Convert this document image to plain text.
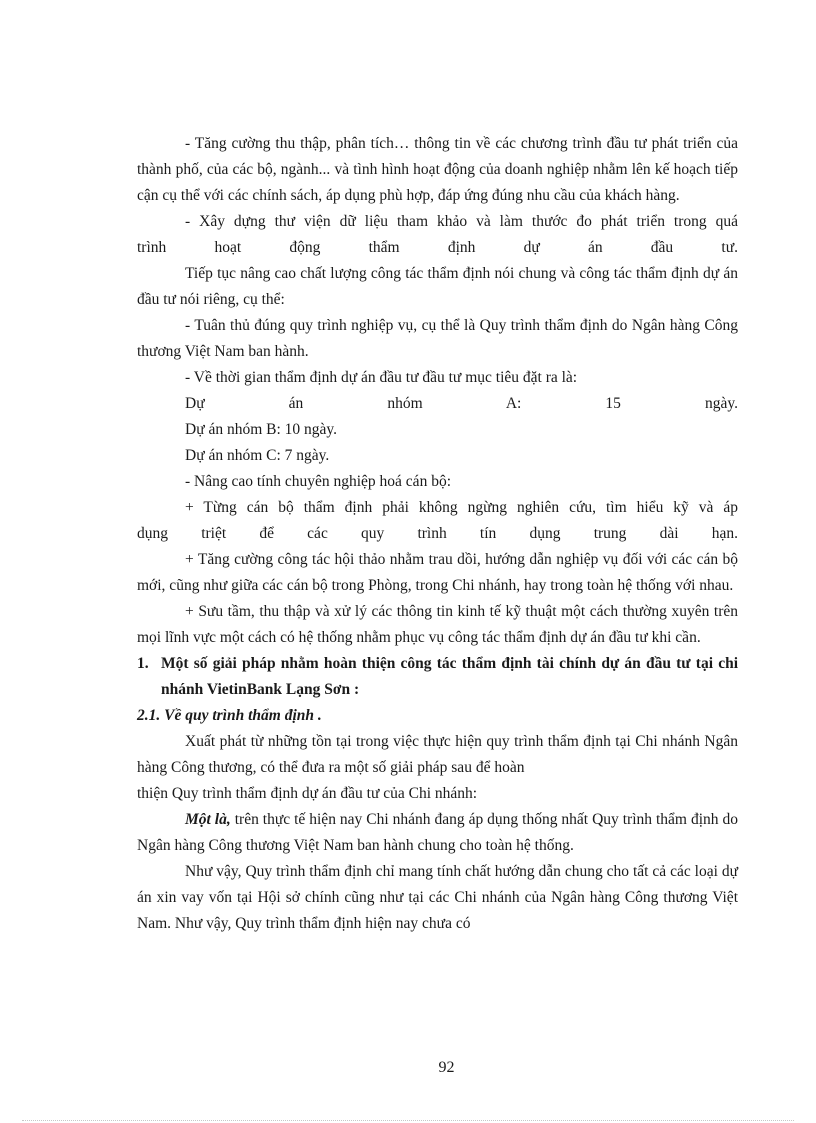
- Tăng cường thu thập, phân tích… thông tin về các chương trình đầu tư phát triển của thành phố, của các bộ, ngành... và tình hình hoạt động của doanh nghiệp nhằm lên kế hoạch tiếp cận cụ thể với các chính sách, áp dụng phù hợp, đáp ứng đúng nhu cầu của khách hàng.

- Xây dựng thư viện dữ liệu tham khảo và làm thước đo phát triển trong quá

trình hoạt động thẩm định dự án đầu tư.

Tiếp tục nâng cao chất lượng công tác thẩm định nói chung và công tác thẩm định dự án đầu tư nói riêng, cụ thể:

- Tuân thủ đúng quy trình nghiệp vụ, cụ thể là Quy trình thẩm định do Ngân hàng Công thương Việt Nam ban hành.

- Về thời gian thẩm định dự án đầu tư đầu tư mục tiêu đặt ra là:

Dự án nhóm A: 15 ngày.

Dự án nhóm B: 10 ngày.

Dự án nhóm C: 7 ngày.

- Nâng cao tính chuyên nghiệp hoá cán bộ:

+ Từng cán bộ thẩm định phải không ngừng nghiên cứu, tìm hiểu kỹ và áp

dụng triệt để các quy trình tín dụng trung dài hạn.

+ Tăng cường công tác hội thảo nhằm trau dồi, hướng dẫn nghiệp vụ đối với các cán bộ mới, cũng như giữa các cán bộ trong Phòng, trong Chi nhánh, hay trong toàn hệ thống với nhau.

+ Sưu tầm, thu thập và xử lý các thông tin kinh tế kỹ thuật một cách thường xuyên trên mọi lĩnh vực một cách có hệ thống nhằm phục vụ công tác thẩm định dự án đầu tư khi cần.

1. Một số giải pháp nhằm hoàn thiện công tác thẩm định tài chính dự án đầu tư tại chi nhánh VietinBank Lạng Sơn :

2.1. Về quy trình thẩm định .

Xuất phát từ những tồn tại trong việc thực hiện quy trình thẩm định tại Chi nhánh Ngân hàng Công thương, có thể đưa ra một số giải pháp sau để hoàn

thiện Quy trình thẩm định dự án đầu tư của Chi nhánh:

Một là, trên thực tế hiện nay Chi nhánh đang áp dụng thống nhất Quy trình thẩm định do Ngân hàng Công thương Việt Nam ban hành chung cho toàn hệ thống.

Như vậy, Quy trình thẩm định chỉ mang tính chất hướng dẫn chung cho tất cả các loại dự án xin vay vốn tại Hội sở chính cũng như tại các Chi nhánh của Ngân hàng Công thương Việt Nam. Như vậy, Quy trình thẩm định hiện nay chưa có

92
